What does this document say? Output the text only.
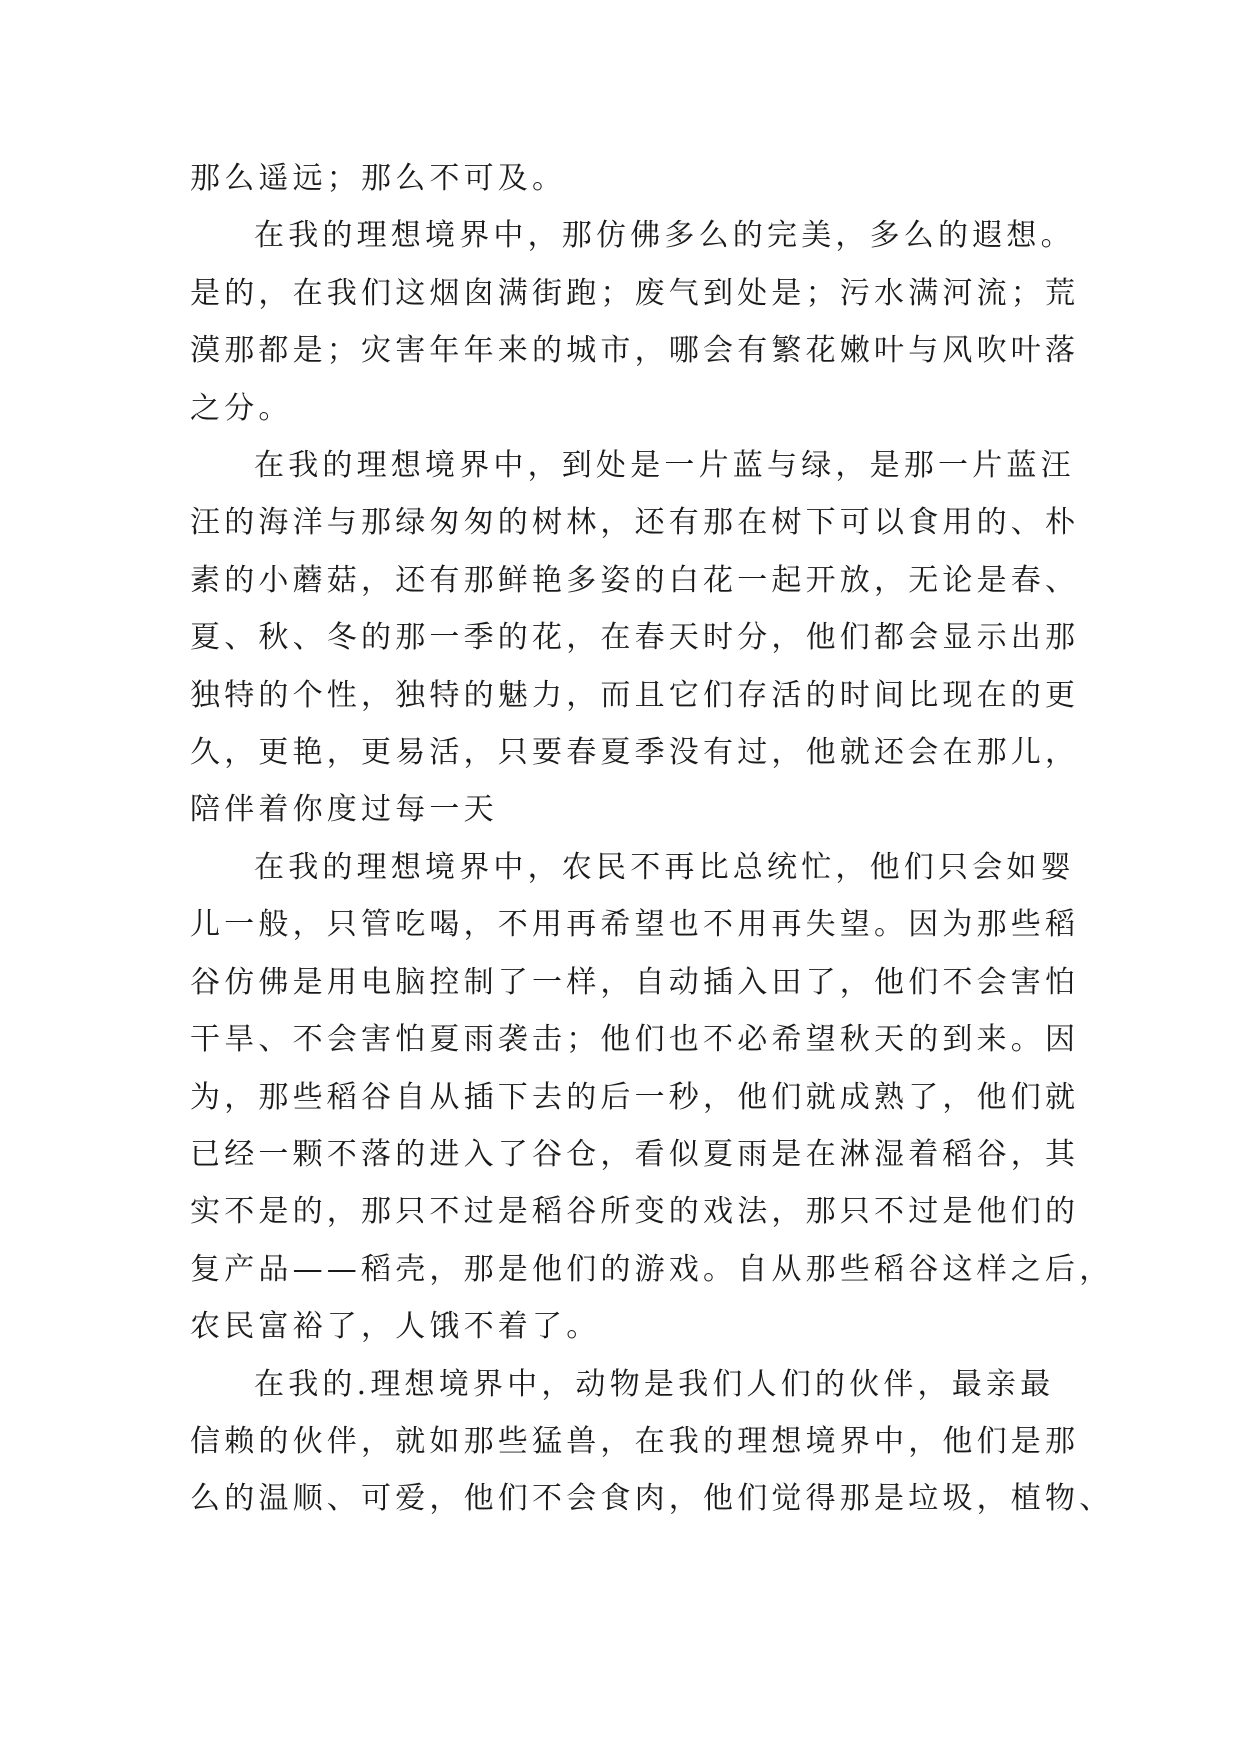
那么遥远；那么不可及。

在我的理想境界中，那仿佛多么的完美，多么的遐想。
是的，在我们这烟囱满街跑；废气到处是；污水满河流；荒
漠那都是；灾害年年来的城市，哪会有繁花嫩叶与风吹叶落
之分。

在我的理想境界中，到处是一片蓝与绿，是那一片蓝汪
汪的海洋与那绿匆匆的树林，还有那在树下可以食用的、朴
素的小蘑菇，还有那鲜艳多姿的白花一起开放，无论是春、
夏、秋、冬的那一季的花，在春天时分，他们都会显示出那
独特的个性，独特的魅力，而且它们存活的时间比现在的更
久，更艳，更易活，只要春夏季没有过，他就还会在那儿，
陪伴着你度过每一天

在我的理想境界中，农民不再比总统忙，他们只会如婴
儿一般，只管吃喝，不用再希望也不用再失望。因为那些稻
谷仿佛是用电脑控制了一样，自动插入田了，他们不会害怕
干旱、不会害怕夏雨袭击；他们也不必希望秋天的到来。因
为，那些稻谷自从插下去的后一秒，他们就成熟了，他们就
已经一颗不落的进入了谷仓，看似夏雨是在淋湿着稻谷，其
实不是的，那只不过是稻谷所变的戏法，那只不过是他们的
复产品——稻壳，那是他们的游戏。自从那些稻谷这样之后，
农民富裕了，人饿不着了。

在我的.理想境界中，动物是我们人们的伙伴，最亲最
信赖的伙伴，就如那些猛兽，在我的理想境界中，他们是那
么的温顺、可爱，他们不会食肉，他们觉得那是垃圾，植物、
